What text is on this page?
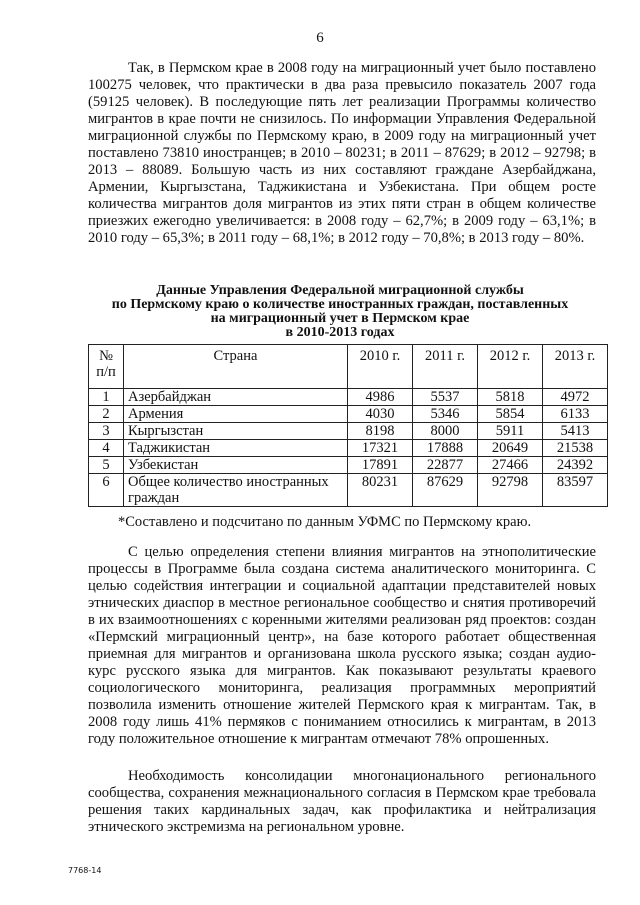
6

Так, в Пермском крае в 2008 году на миграционный учет было поставлено 100275 человек, что практически в два раза превысило показатель 2007 года (59125 человек). В последующие пять лет реализации Программы количество мигрантов в крае почти не снизилось. По информации Управления Федеральной миграционной службы по Пермскому краю, в 2009 году на миграционный учет поставлено 73810 иностранцев; в 2010 – 80231; в 2011 – 87629; в 2012 – 92798; в 2013 – 88089. Большую часть из них составляют граждане Азербайджана, Армении, Кыргызстана, Таджикистана и Узбекистана. При общем росте количества мигрантов доля мигрантов из этих пяти стран в общем количестве приезжих ежегодно увеличивается: в 2008 году – 62,7%; в 2009 году – 63,1%; в 2010 году – 65,3%; в 2011 году – 68,1%; в 2012 году – 70,8%; в 2013 году – 80%.

Данные Управления Федеральной миграционной службы
по Пермскому краю о количестве иностранных граждан, поставленных
на миграционный учет в Пермском крае
в 2010-2013 годах
№
п/п	Страна	2010 г.	2011 г.	2012 г.	2013 г.
1	Азербайджан	4986	5537	5818	4972
2	Армения	4030	5346	5854	6133
3	Кыргызстан	8198	8000	5911	5413
4	Таджикистан	17321	17888	20649	21538
5	Узбекистан	17891	22877	27466	24392
6	Общее количество иностранных граждан	80231	87629	92798	83597
*Составлено и подсчитано по данным УФМС по Пермскому краю.

С целью определения степени влияния мигрантов на этнополитические процессы в Программе была создана система аналитического мониторинга. С целью содействия интеграции и социальной адаптации представителей новых этнических диаспор в местное региональное сообщество и снятия противоречий в их взаимоотношениях с коренными жителями реализован ряд проектов: создан «Пермский миграционный центр», на базе которого работает общественная приемная для мигрантов и организована школа русского языка; создан аудио-курс русского языка для мигрантов. Как показывают результаты краевого социологического мониторинга, реализация программных мероприятий позволила изменить отношение жителей Пермского края к мигрантам. Так, в 2008 году лишь 41% пермяков с пониманием относились к мигрантам, в 2013 году положительное отношение к мигрантам отмечают 78% опрошенных.

Необходимость консолидации многонационального регионального сообщества, сохранения межнационального согласия в Пермском крае требовала решения таких кардинальных задач, как профилактика и нейтрализация этнического экстремизма на региональном уровне.

7768-14
